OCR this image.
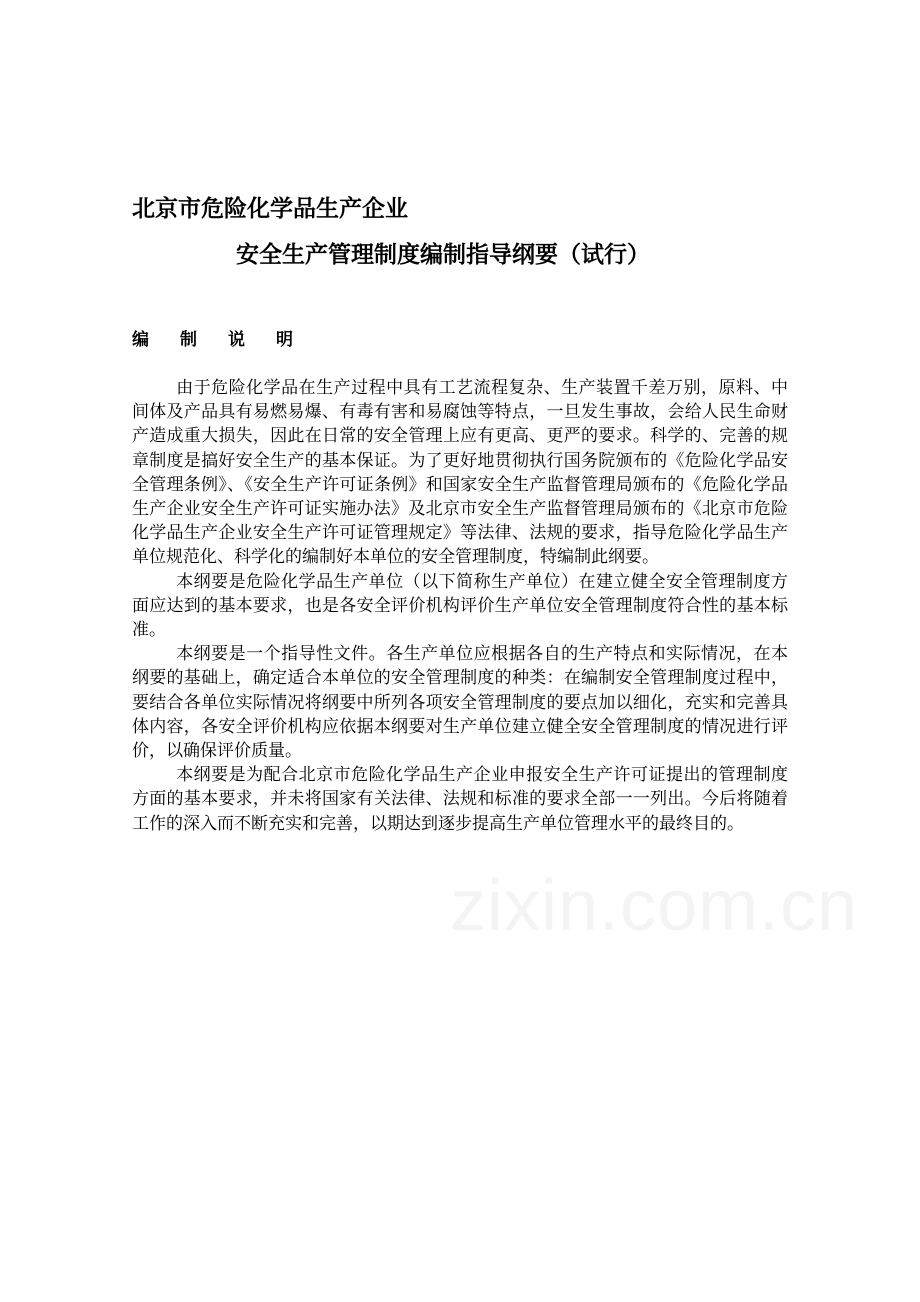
北京市危险化学品生产企业
安全生产管理制度编制指导纲要（试行）
编制说明

由于危险化学品在生产过程中具有工艺流程复杂、生产装置千差万别，原料、中间体及产品具有易燃易爆、有毒有害和易腐蚀等特点，一旦发生事故，会给人民生命财产造成重大损失，因此在日常的安全管理上应有更高、更严的要求。科学的、完善的规章制度是搞好安全生产的基本保证。为了更好地贯彻执行国务院颁布的《危险化学品安全管理条例》、《安全生产许可证条例》和国家安全生产监督管理局颁布的《危险化学品生产企业安全生产许可证实施办法》及北京市安全生产监督管理局颁布的《北京市危险化学品生产企业安全生产许可证管理规定》等法律、法规的要求，指导危险化学品生产单位规范化、科学化的编制好本单位的安全管理制度，特编制此纲要。

本纲要是危险化学品生产单位（以下简称生产单位）在建立健全安全管理制度方面应达到的基本要求，也是各安全评价机构评价生产单位安全管理制度符合性的基本标准。

本纲要是一个指导性文件。各生产单位应根据各自的生产特点和实际情况，在本纲要的基础上，确定适合本单位的安全管理制度的种类：在编制安全管理制度过程中，要结合各单位实际情况将纲要中所列各项安全管理制度的要点加以细化，充实和完善具体内容，各安全评价机构应依据本纲要对生产单位建立健全安全管理制度的情况进行评价，以确保评价质量。

本纲要是为配合北京市危险化学品生产企业申报安全生产许可证提出的管理制度方面的基本要求，并未将国家有关法律、法规和标准的要求全部一一列出。今后将随着工作的深入而不断充实和完善，以期达到逐步提高生产单位管理水平的最终目的。

zixin.com.cn
